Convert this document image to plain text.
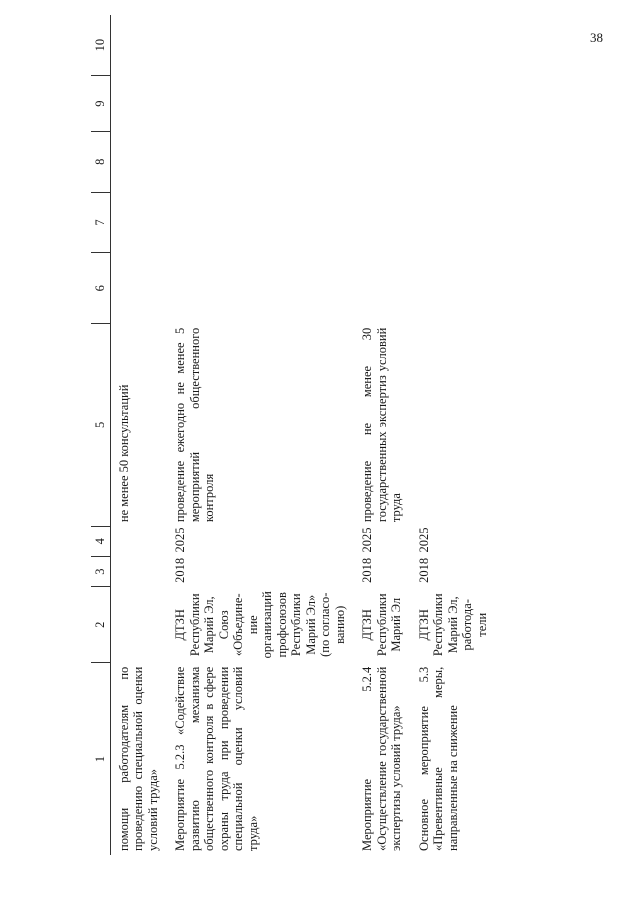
38
1	2	3	4	5	6	7	8	9	10
помощи работодателям по проведению специальной оценки условий труда»				не менее 50 консультаций					
Мероприятие 5.2.3 «Содействие развитию механизма общественного контроля в сфере охраны труда при проведении специальной оценки условий труда»	ДТЗН Республики Марий Эл, Союз «Объедине-ние организаций профсоюзов Республики Марий Эл» (по согласо-ванию)	2018	2025	проведение ежегодно не менее 5 мероприятий общественного контроля					
Мероприятие 5.2.4 «Осуществление государственной экспертизы условий труда»	ДТЗН Республики Марий Эл	2018	2025	проведение не менее 30 государственных экспертиз условий труда					
Основное мероприятие 5.3 «Превентивные меры, направленные на снижение	ДТЗН Республики Марий Эл, работода-тели	2018	2025						
